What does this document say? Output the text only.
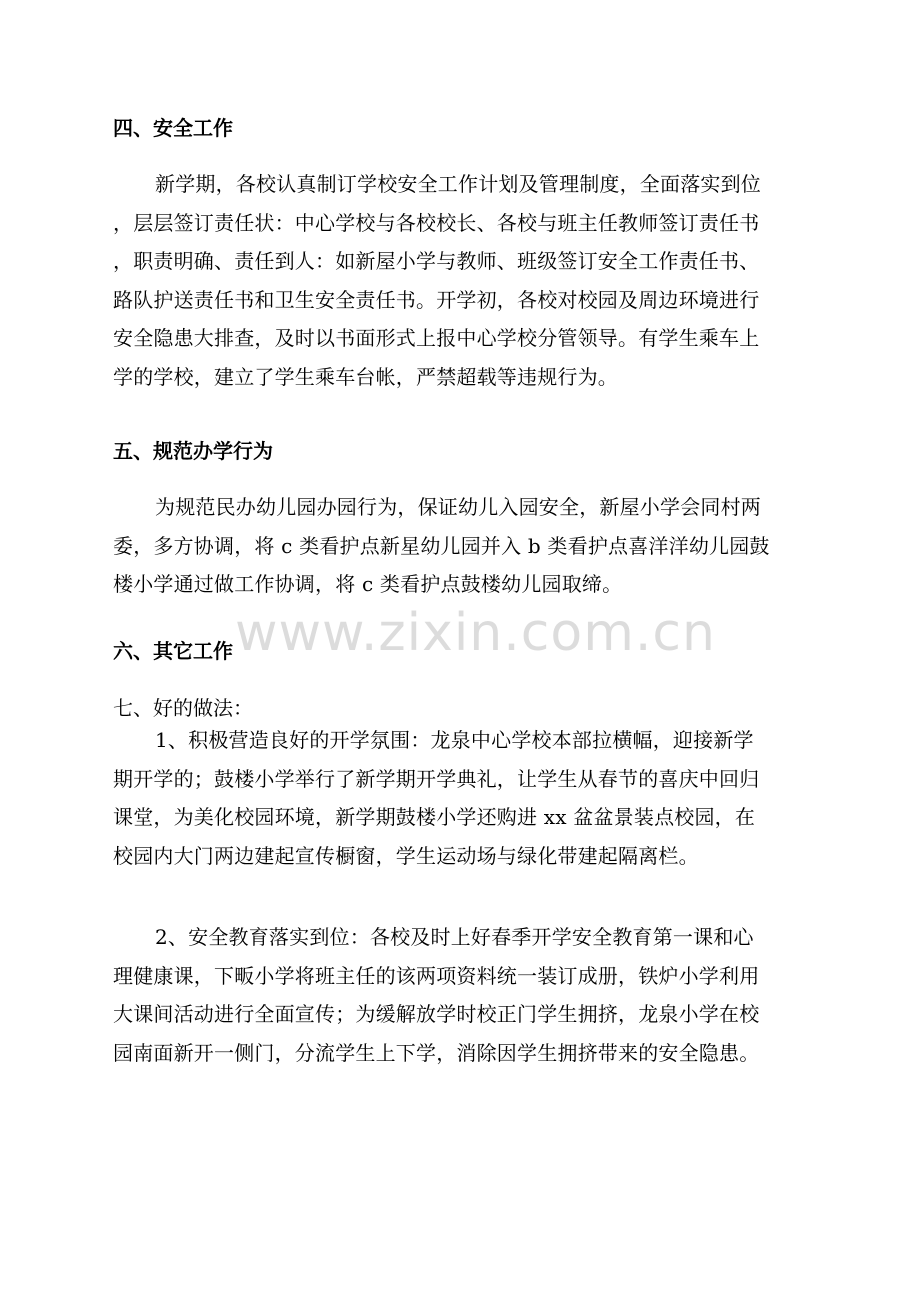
四、安全工作
新学期，各校认真制订学校安全工作计划及管理制度，全面落实到位
，层层签订责任状：中心学校与各校校长、各校与班主任教师签订责任书
，职责明确、责任到人：如新屋小学与教师、班级签订安全工作责任书、
路队护送责任书和卫生安全责任书。开学初，各校对校园及周边环境进行
安全隐患大排查，及时以书面形式上报中心学校分管领导。有学生乘车上
学的学校，建立了学生乘车台帐，严禁超载等违规行为。
五、规范办学行为
为规范民办幼儿园办园行为，保证幼儿入园安全，新屋小学会同村两
委，多方协调，将 c 类看护点新星幼儿园并入 b 类看护点喜洋洋幼儿园鼓
楼小学通过做工作协调，将 c 类看护点鼓楼幼儿园取缔。
www.zixin.com.cn
六、其它工作
七、好的做法：
1、积极营造良好的开学氛围：龙泉中心学校本部拉横幅，迎接新学
期开学的；鼓楼小学举行了新学期开学典礼，让学生从春节的喜庆中回归
课堂，为美化校园环境，新学期鼓楼小学还购进 xx 盆盆景装点校园，在
校园内大门两边建起宣传橱窗，学生运动场与绿化带建起隔离栏。
2、安全教育落实到位：各校及时上好春季开学安全教育第一课和心
理健康课，下畈小学将班主任的该两项资料统一装订成册，铁炉小学利用
大课间活动进行全面宣传；为缓解放学时校正门学生拥挤，龙泉小学在校
园南面新开一侧门，分流学生上下学，消除因学生拥挤带来的安全隐患。
